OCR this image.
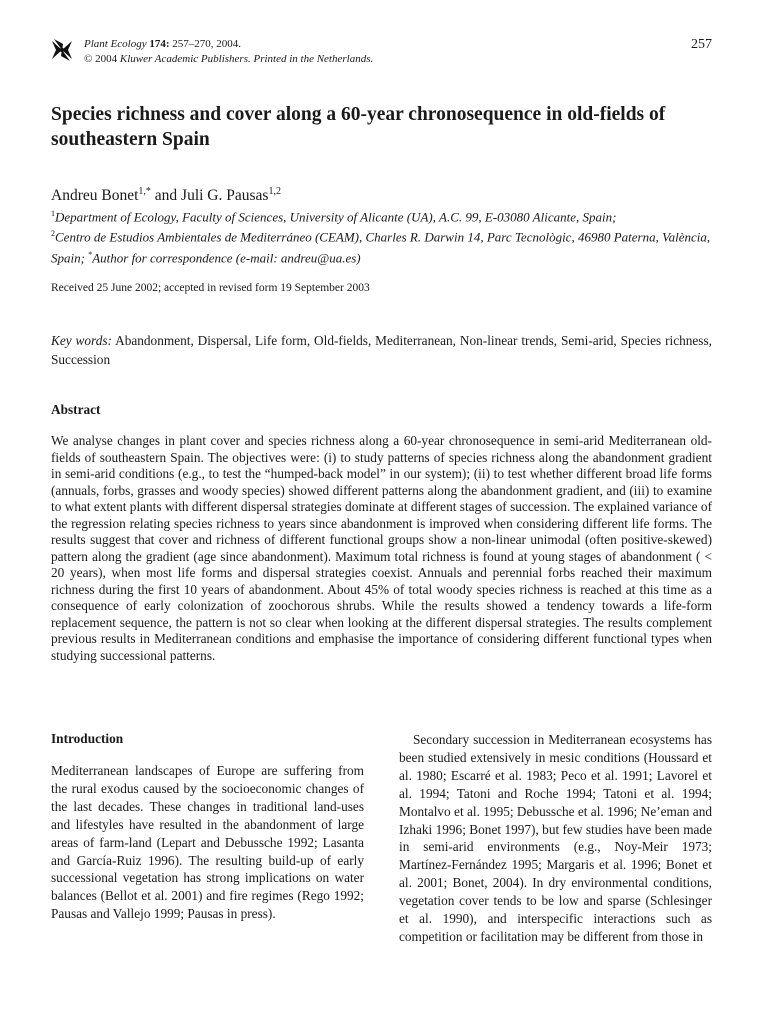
Plant Ecology 174: 257–270, 2004.
© 2004 Kluwer Academic Publishers. Printed in the Netherlands.
257
Species richness and cover along a 60-year chronosequence in old-fields of southeastern Spain
Andreu Bonet$^{1,*}$ and Juli G. Pausas$^{1,2}$
$^1$Department of Ecology, Faculty of Sciences, University of Alicante (UA), A.C. 99, E-03080 Alicante, Spain;
$^2$Centro de Estudios Ambientales de Mediterráneo (CEAM), Charles R. Darwin 14, Parc Tecnològic, 46980 Paterna, València, Spain; *Author for correspondence (e-mail: andreu@ua.es)
Received 25 June 2002; accepted in revised form 19 September 2003
Key words: Abandonment, Dispersal, Life form, Old-fields, Mediterranean, Non-linear trends, Semi-arid, Species richness, Succession
Abstract

We analyse changes in plant cover and species richness along a 60-year chronosequence in semi-arid Mediterranean old-fields of southeastern Spain. The objectives were: (i) to study patterns of species richness along the abandonment gradient in semi-arid conditions (e.g., to test the “humped-back model” in our system); (ii) to test whether different broad life forms (annuals, forbs, grasses and woody species) showed different patterns along the abandonment gradient, and (iii) to examine to what extent plants with different dispersal strategies dominate at different stages of succession. The explained variance of the regression relating species richness to years since abandonment is improved when considering different life forms. The results suggest that cover and richness of different functional groups show a non-linear unimodal (often positive-skewed) pattern along the gradient (age since abandonment). Maximum total richness is found at young stages of abandonment ( < 20 years), when most life forms and dispersal strategies coexist. Annuals and perennial forbs reached their maximum richness during the first 10 years of abandonment. About 45% of total woody species richness is reached at this time as a consequence of early colonization of zoochorous shrubs. While the results showed a tendency towards a life-form replacement sequence, the pattern is not so clear when looking at the different dispersal strategies. The results complement previous results in Mediterranean conditions and emphasise the importance of considering different functional types when studying successional patterns.

Introduction

Mediterranean landscapes of Europe are suffering from the rural exodus caused by the socioeconomic changes of the last decades. These changes in traditional land-uses and lifestyles have resulted in the abandonment of large areas of farm-land (Lepart and Debussche 1992; Lasanta and García-Ruiz 1996). The resulting build-up of early successional vegetation has strong implications on water balances (Bellot et al. 2001) and fire regimes (Rego 1992; Pausas and Vallejo 1999; Pausas in press).

Secondary succession in Mediterranean ecosystems has been studied extensively in mesic conditions (Houssard et al. 1980; Escarré et al. 1983; Peco et al. 1991; Lavorel et al. 1994; Tatoni and Roche 1994; Tatoni et al. 1994; Montalvo et al. 1995; Debussche et al. 1996; Ne’eman and Izhaki 1996; Bonet 1997), but few studies have been made in semi-arid environments (e.g., Noy-Meir 1973; Martínez-Fernández 1995; Margaris et al. 1996; Bonet et al. 2001; Bonet, 2004). In dry environmental conditions, vegetation cover tends to be low and sparse (Schlesinger et al. 1990), and interspecific interactions such as competition or facilitation may be different from those in
